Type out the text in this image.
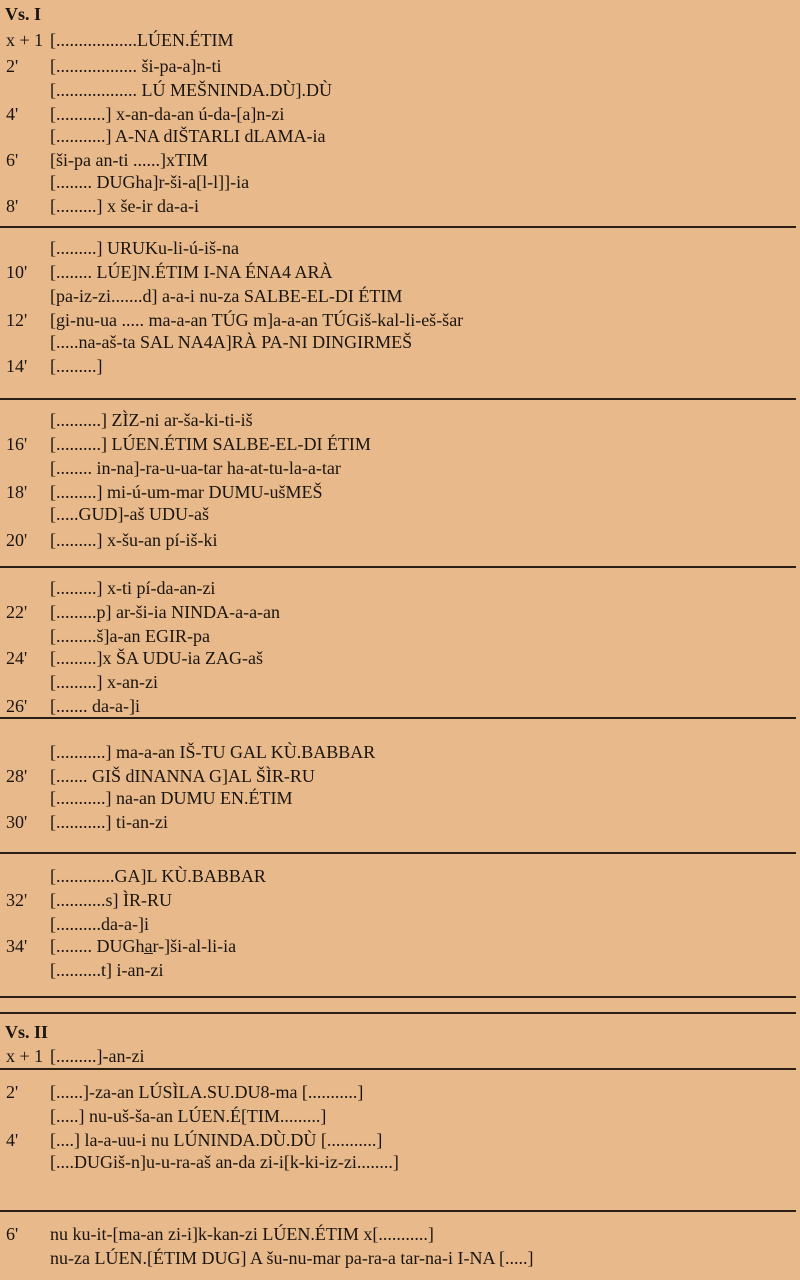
Vs. I
x + 1 [..................LÚEN.ÉTIM
2'	[.................. ši-pa-a]n-ti
[.................. LÚ MEŠNINDA.DÙ].DÙ
4'	[...........] x-an-da-an ú-da-[a]n-zi
[...........] A-NA dIŠTARLI dLAMA-ia
6'	[ši-pa an-ti ......]xTIM
[........ DUGha]r-ši-a[l-l]]-ia
8'	[.........] x še-ir da-a-i
[.........] URUKu-li-ú-iš-na
10'	[........ LÚE]N.ÉTIM I-NA ÉNA4 ARÀ
[pa-iz-zi.......d] a-a-i nu-za SALBE-EL-DI ÉTIM
12'	[gi-nu-ua ..... ma-a-an TÚG m]a-a-an TÚGiš-kal-li-eš-šar
[.....na-aš-ta SAL NA4A]RÀ PA-NI DINGIRMEŠ
14'	[.........]
[..........] ZÌZ-ni ar-ša-ki-ti-iš
16'	[..........] LÚEN.ÉTIM SALBE-EL-DI ÉTIM
[........ in-na]-ra-u-ua-tar ha-at-tu-la-a-tar
18'	[.........] mi-ú-um-mar DUMU-ušMEŠ
[.....GUD]-aš UDU-aš
20'	[.........] x-šu-an pí-iš-ki
[.........] x-ti pí-da-an-zi
22'	[.........p] ar-ši-ia NINDA-a-a-an
[.........š]a-an EGIR-pa
24'	[.........]x ŠA UDU-ia ZAG-aš
[.........] x-an-zi
26'	[....... da-a-]i
[...........] ma-a-an IŠ-TU GAL KÙ.BABBAR
28'	[....... GIŠ dINANNA G]AL ŠÌR-RU
[...........] na-an DUMU EN.ÉTIM
30'	[...........] ti-an-zi
[.............GA]L KÙ.BABBAR
32'	[...........s] ÌR-RU
[..........da-a-]i
34'	[........ DUGha̲r-]ši-al-li-ia
[..........t] i-an-zi
Vs. II
x + 1 [.........]-an-zi
2'	[......]-za-an LÚSÌLA.SU.DU8-ma [...........]
[.....] nu-uš-ša-an LÚEN.É[TIM.........]
4'	[....] la-a-uu-i nu LÚNINDA.DÙ.DÙ [...........]
[....DUGiš-n]u-u-ra-aš an-da zi-i[k-ki-iz-zi........]
6'	nu ku-it-[ma-an zi-i]k-kan-zi LÚEN.ÉTIM x[...........]
nu-za LÚEN.[ÉTIM DUG] A šu-nu-mar pa-ra-a tar-na-i I-NA [.....]
